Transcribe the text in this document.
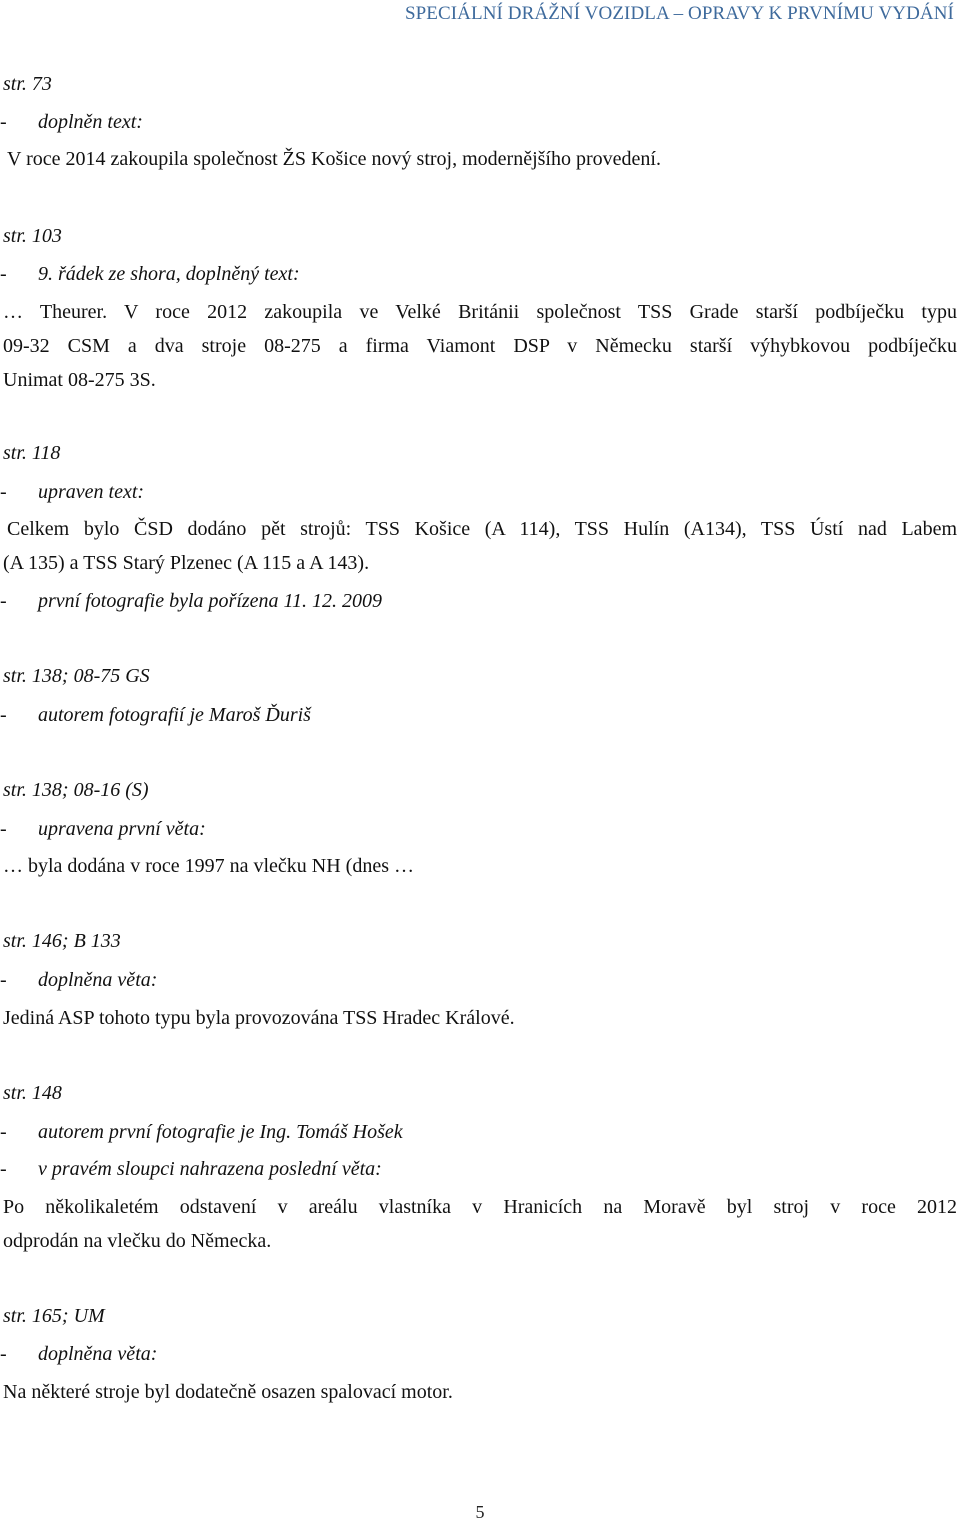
SPECIÁLNÍ DRÁŽNÍ VOZIDLA – OPRAVY K PRVNÍMU VYDÁNÍ
str. 73
- doplněn text:
V roce 2014 zakoupila společnost ŽS Košice nový stroj, modernějšího provedení.
str. 103
- 9. řádek ze shora, doplněný text:
… Theurer. V roce 2012 zakoupila ve Velké Británii společnost TSS Grade starší podbíječku typu
09-32 CSM a dva stroje 08-275 a firma Viamont DSP v Německu starší výhybkovou podbíječku
Unimat 08-275 3S.
str. 118
- upraven text:
Celkem bylo ČSD dodáno pět strojů: TSS Košice (A 114), TSS Hulín (A134), TSS Ústí nad Labem
(A 135) a TSS Starý Plzenec (A 115 a A 143).
- první fotografie byla pořízena 11. 12. 2009
str. 138; 08-75 GS
- autorem fotografií je Maroš Ďuriš
str. 138; 08-16 (S)
- upravena první věta:
… byla dodána v roce 1997 na vlečku NH (dnes …
str. 146; B 133
- doplněna věta:
Jediná ASP tohoto typu byla provozována TSS Hradec Králové.
str. 148
- autorem první fotografie je Ing. Tomáš Hošek
- v pravém sloupci nahrazena poslední věta:
Po několikaletém odstavení v areálu vlastníka v Hranicích na Moravě byl stroj v roce 2012
odprodán na vlečku do Německa.
str. 165; UM
- doplněna věta:
Na některé stroje byl dodatečně osazen spalovací motor.
5
